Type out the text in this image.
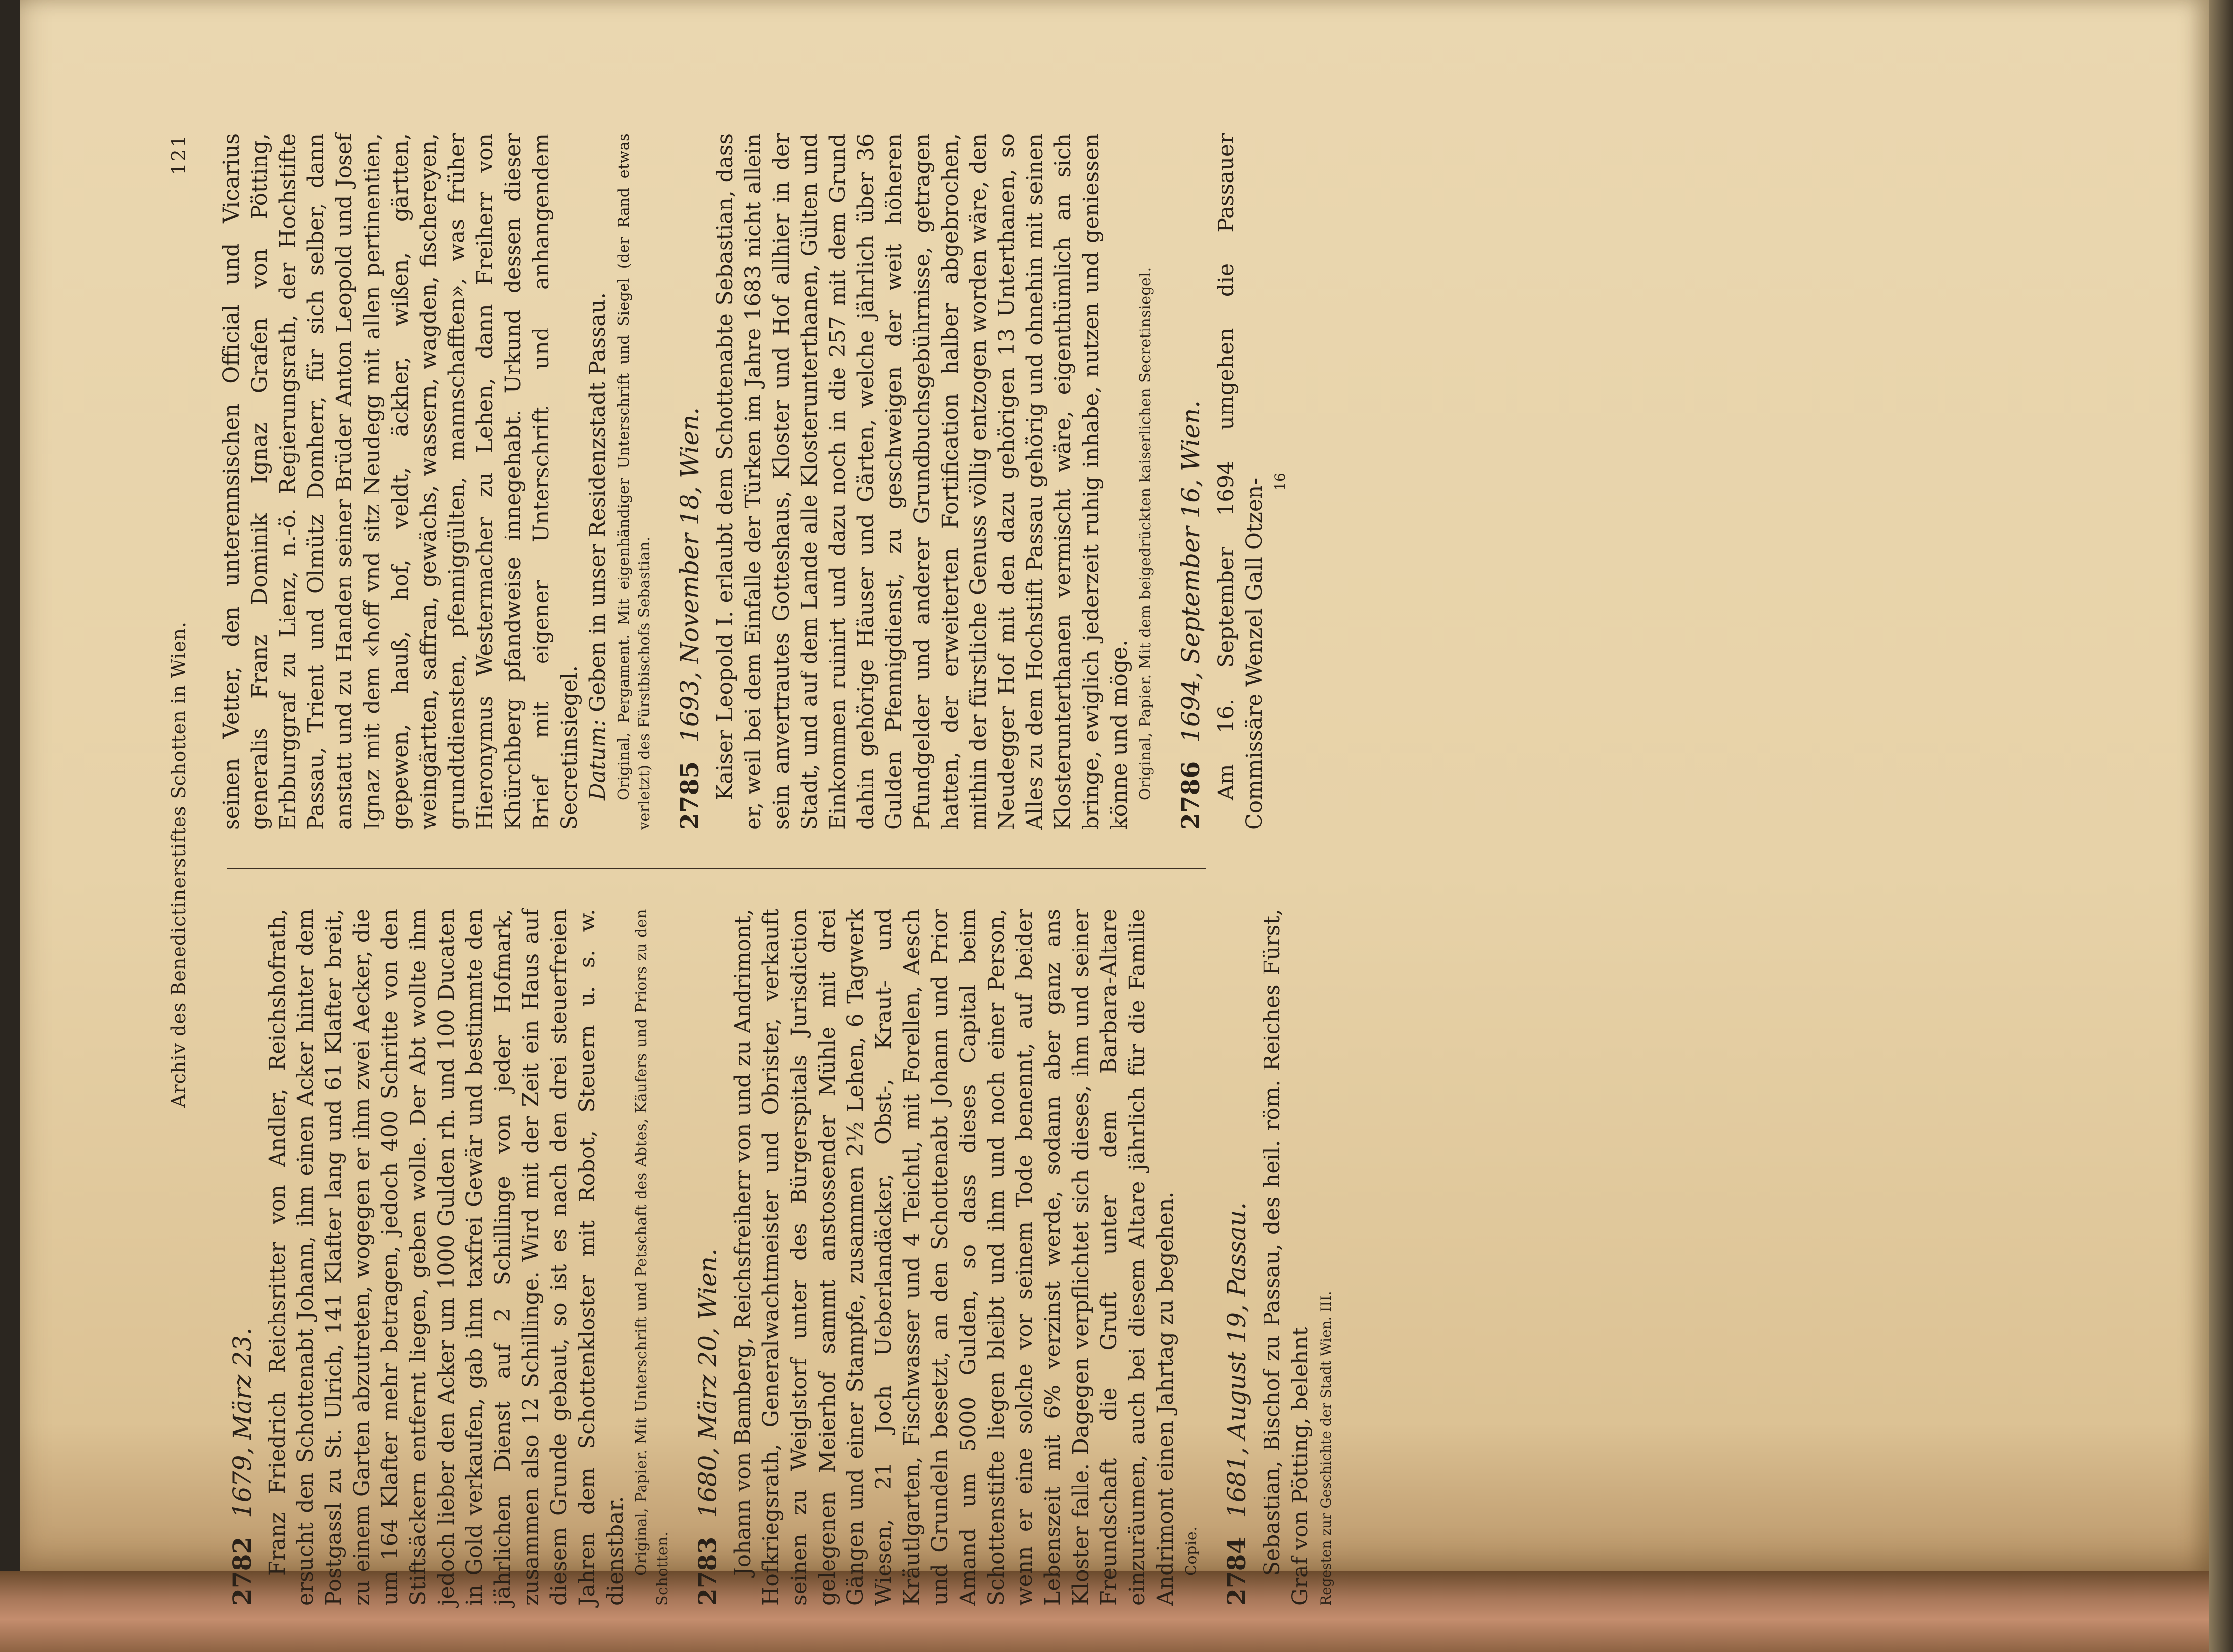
Archiv des Benedictinerstiftes Schotten in Wien.
121
2782 1679, März 23. Franz Friedrich Reichsritter von Andler, Reichshofrath, ersucht den Schottenabt Johann, ihm einen Acker hinter dem Postgassl zu St. Ulrich, 141 Klafter lang und 61 Klafter breit, zu einem Garten abzutreten, wogegen er ihm zwei Aecker, die um 164 Klafter mehr betragen, jedoch 400 Schritte von den Stiftsäckern entfernt liegen, geben wolle. Der Abt wollte ihm jedoch lieber den Acker um 1000 Gulden rh. und 100 Ducaten in Gold verkaufen, gab ihm taxfrei Gewär und bestimmte den jährlichen Dienst auf 2 Schillinge von jeder Hofmark, zusammen also 12 Schillinge. Wird mit der Zeit ein Haus auf diesem Grunde gebaut, so ist es nach den drei steuerfreien Jahren dem Schottenkloster mit Robot, Steuern u. s. w. dienstbar. Original, Papier. Mit Unterschrift und Petschaft des Abtes, Käufers und Priors zu den Schotten. 2783 1680, März 20, Wien. Johann von Bamberg, Reichsfreiherr von und zu Andrimont, Hofkriegsrath, Generalwachtmeister und Obrister, verkauft seinen zu Weiglstorf unter des Bürgerspitals Jurisdiction gelegenen Meierhof sammt anstossender Mühle mit drei Gängen und einer Stampfe, zusammen 2½ Lehen, 6 Tagwerk Wiesen, 21 Joch Ueberlandäcker, Obst-, Kraut- und Kräutlgarten, Fischwasser und 4 Teichtl, mit Forellen, Aesch und Grundeln besetzt, an den Schottenabt Johann und Prior Amand um 5000 Gulden, so dass dieses Capital beim Schottenstifte liegen bleibt und ihm und noch einer Person, wenn er eine solche vor seinem Tode benennt, auf beider Lebenszeit mit 6% verzinst werde, sodann aber ganz ans Kloster falle. Dagegen verpflichtet sich dieses, ihm und seiner Freundschaft die Gruft unter dem Barbara-Altare einzuräumen, auch bei diesem Altare jährlich für die Familie Andrimont einen Jahrtag zu begehen. Copie. 2784 1681, August 19, Passau. Sebastian, Bischof zu Passau, des heil. röm. Reiches Fürst, Graf von Pötting, belehnt Regesten zur Geschichte der Stadt Wien. III.

seinen Vetter, den unterennsischen Official und Vicarius generalis Franz Dominik Ignaz Grafen von Pötting, Erbburggraf zu Lienz, n.-ö. Regierungsrath, der Hochstifte Passau, Trient und Olmütz Domherr, für sich selber, dann anstatt und zu Handen seiner Brüder Anton Leopold und Josef Ignaz mit dem «hoff vnd sitz Neudegg mit allen pertinentien, gepewen, hauß, hof, veldt, äckher, wißen, gärtten, weingärtten, saffran, gewächs, wassern, wagden, fischereyen, grundtdiensten, pfenniggülten, mannschafften», was früher Hieronymus Westermacher zu Lehen, dann Freiherr von Khürchberg pfandweise innegehabt. Urkund dessen dieser Brief mit eigener Unterschrift und anhangendem Secretinsiegel. Datum: Geben in unser Residenzstadt Passau. Original, Pergament. Mit eigenhändiger Unterschrift und Siegel (der Rand etwas verletzt) des Fürstbischofs Sebastian. 2785 1693, November 18, Wien. Kaiser Leopold I. erlaubt dem Schottenabte Sebastian, dass er, weil bei dem Einfalle der Türken im Jahre 1683 nicht allein sein anvertrautes Gotteshaus, Kloster und Hof allhier in der Stadt, und auf dem Lande alle Klosterunterthanen, Gülten und Einkommen ruinirt und dazu noch in die 257 mit dem Grund dahin gehörige Häuser und Gärten, welche jährlich über 36 Gulden Pfennigdienst, zu geschweigen der weit höheren Pfundgelder und anderer Grundbuchsgebührnisse, getragen hatten, der erweiterten Fortification halber abgebrochen, mithin der fürstliche Genuss völlig entzogen worden wäre, den Neudegger Hof mit den dazu gehörigen 13 Unterthanen, so Alles zu dem Hochstift Passau gehörig und ohnehin mit seinen Klosterunterthanen vermischt wäre, eigenthümlich an sich bringe, ewiglich jederzeit ruhig inhabe, nutzen und geniessen könne und möge. Original, Papier. Mit dem beigedrückten kaiserlichen Secretinsiegel. 2786 1694, September 16, Wien. Am 16. September 1694 umgehen die Passauer Commissäre Wenzel Gall Otzen- 16
